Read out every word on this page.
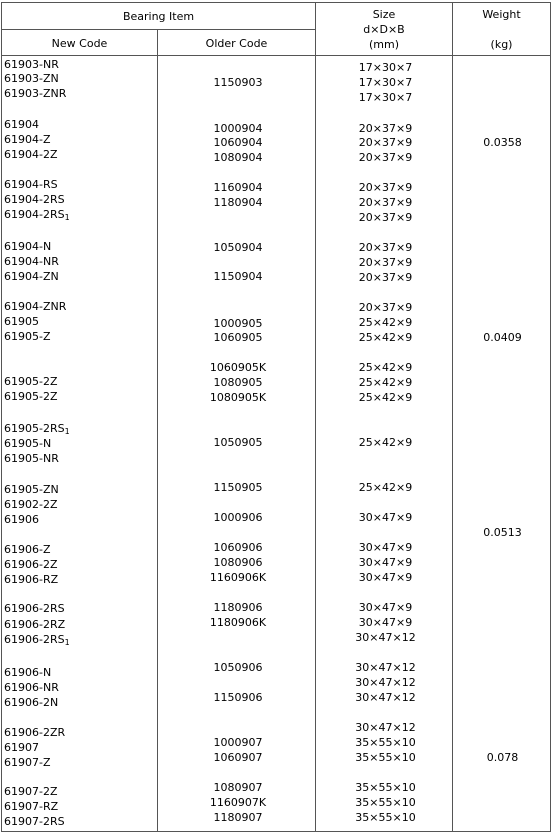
Bearing Item
New Code	Older Code
Size
d×D×B
(mm)
Weight
(kg)
61903-NR
61903-ZN
61903-ZNR
61904
61904-Z
61904-2Z
61904-RS
61904-2RS
$61904-2RS_1$
61904-N
61904-NR
61904-ZN
61904-ZNR
61905
61905-Z
61905-2Z
61905-2Z
$61905-2RS_1$
61905-N
61905-NR
61905-ZN
61902-2Z
61906
61906-Z
61906-2Z
61906-RZ
61906-2RS
61906-2RZ
$61906-2RS_1$
61906-N
61906-NR
61906-2N
61906-2ZR
61907
61907-Z
61907-2Z
61907-RZ
61907-2RS
1150903
1000904
1060904
1080904
1160904
1180904
1050904
1150904
1000905
1060905
1060905K
1080905
1080905K
1050905
1150905
1000906
1060906
1080906
1160906K
1180906
1180906K
1050906
1150906
1000907
1060907
1080907
1160907K
1180907
17×30×7
17×30×7
17×30×7
20×37×9
20×37×9
20×37×9
20×37×9
20×37×9
20×37×9
20×37×9
20×37×9
20×37×9
20×37×9
25×42×9
25×42×9
25×42×9
25×42×9
25×42×9
25×42×9
25×42×9
30×47×9
30×47×9
30×47×9
30×47×9
30×47×9
30×47×9
30×47×12
30×47×12
30×47×12
30×47×12
30×47×12
35×55×10
35×55×10
35×55×10
35×55×10
35×55×10
0.0358
0.0409
0.0513
0.078
